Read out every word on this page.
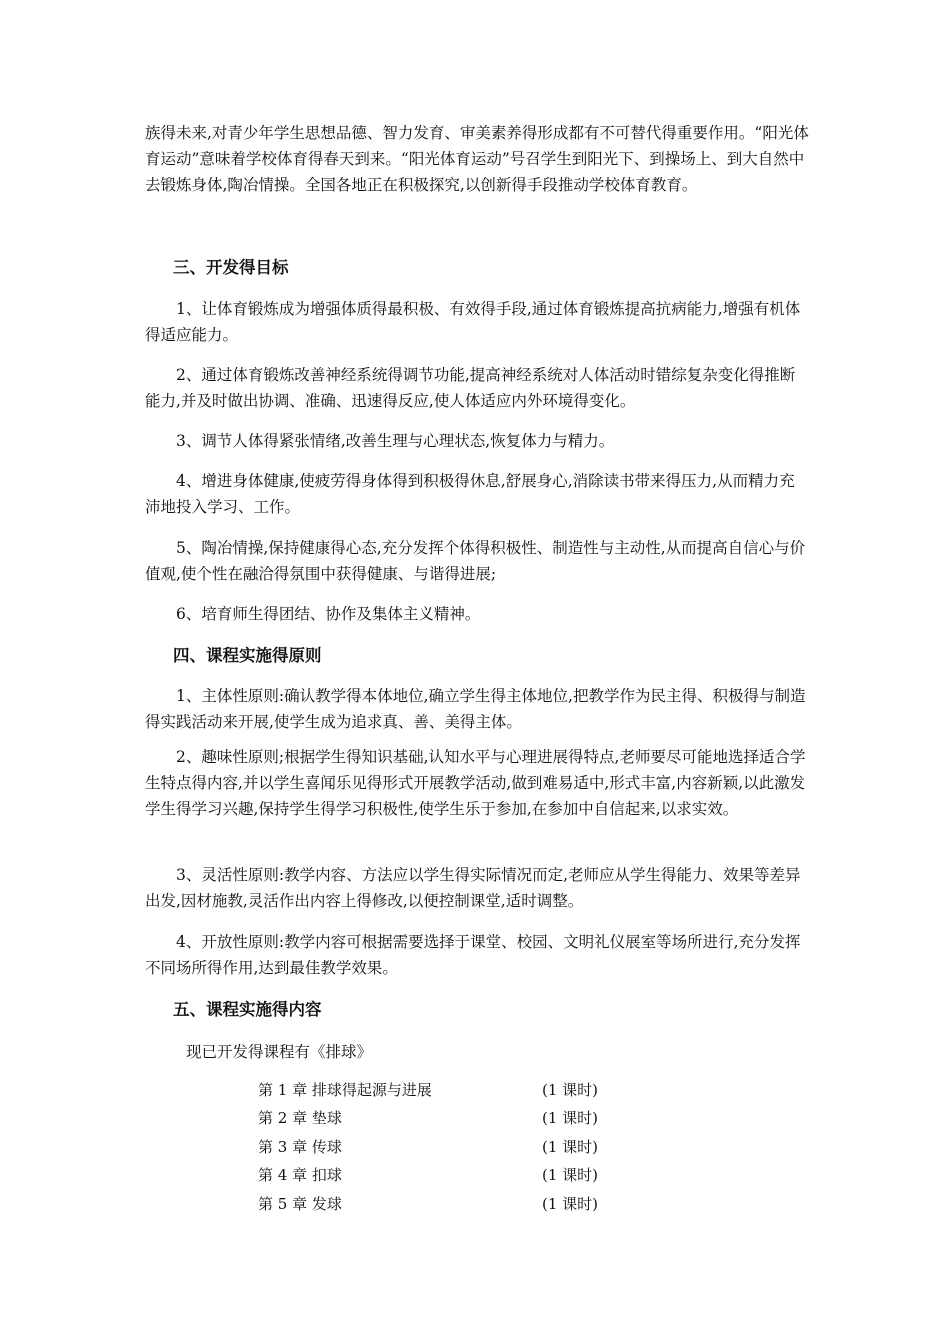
族得未来,对青少年学生思想品德、智力发育、审美素养得形成都有不可替代得重要作用。“阳光体育运动”意味着学校体育得春天到来。“阳光体育运动”号召学生到阳光下、到操场上、到大自然中去锻炼身体,陶冶情操。全国各地正在积极探究,以创新得手段推动学校体育教育。
三、开发得目标
1、让体育锻炼成为增强体质得最积极、有效得手段,通过体育锻炼提高抗病能力,增强有机体得适应能力。
2、通过体育锻炼改善神经系统得调节功能,提高神经系统对人体活动时错综复杂变化得推断能力,并及时做出协调、准确、迅速得反应,使人体适应内外环境得变化。
3、调节人体得紧张情绪,改善生理与心理状态,恢复体力与精力。
4、增进身体健康,使疲劳得身体得到积极得休息,舒展身心,消除读书带来得压力,从而精力充沛地投入学习、工作。
5、陶冶情操,保持健康得心态,充分发挥个体得积极性、制造性与主动性,从而提高自信心与价值观,使个性在融洽得氛围中获得健康、与谐得进展;
6、培育师生得团结、协作及集体主义精神。
四、课程实施得原则
1、主体性原则:确认教学得本体地位,确立学生得主体地位,把教学作为民主得、积极得与制造得实践活动来开展,使学生成为追求真、善、美得主体。
2、趣味性原则;根据学生得知识基础,认知水平与心理进展得特点,老师要尽可能地选择适合学生特点得内容,并以学生喜闻乐见得形式开展教学活动,做到难易适中,形式丰富,内容新颖,以此激发学生得学习兴趣,保持学生得学习积极性,使学生乐于参加,在参加中自信起来,以求实效。
3、灵活性原则:教学内容、方法应以学生得实际情况而定,老师应从学生得能力、效果等差异出发,因材施教,灵活作出内容上得修改,以便控制课堂,适时调整。
4、开放性原则:教学内容可根据需要选择于课堂、校园、文明礼仪展室等场所进行,充分发挥不同场所得作用,达到最佳教学效果。
五、课程实施得内容
现已开发得课程有《排球》
第 1 章 排球得起源与进展	(1 课时)
第 2 章 垫球	(1 课时)
第 3 章 传球	(1 课时)
第 4 章 扣球	(1 课时)
第 5 章 发球	(1 课时)
